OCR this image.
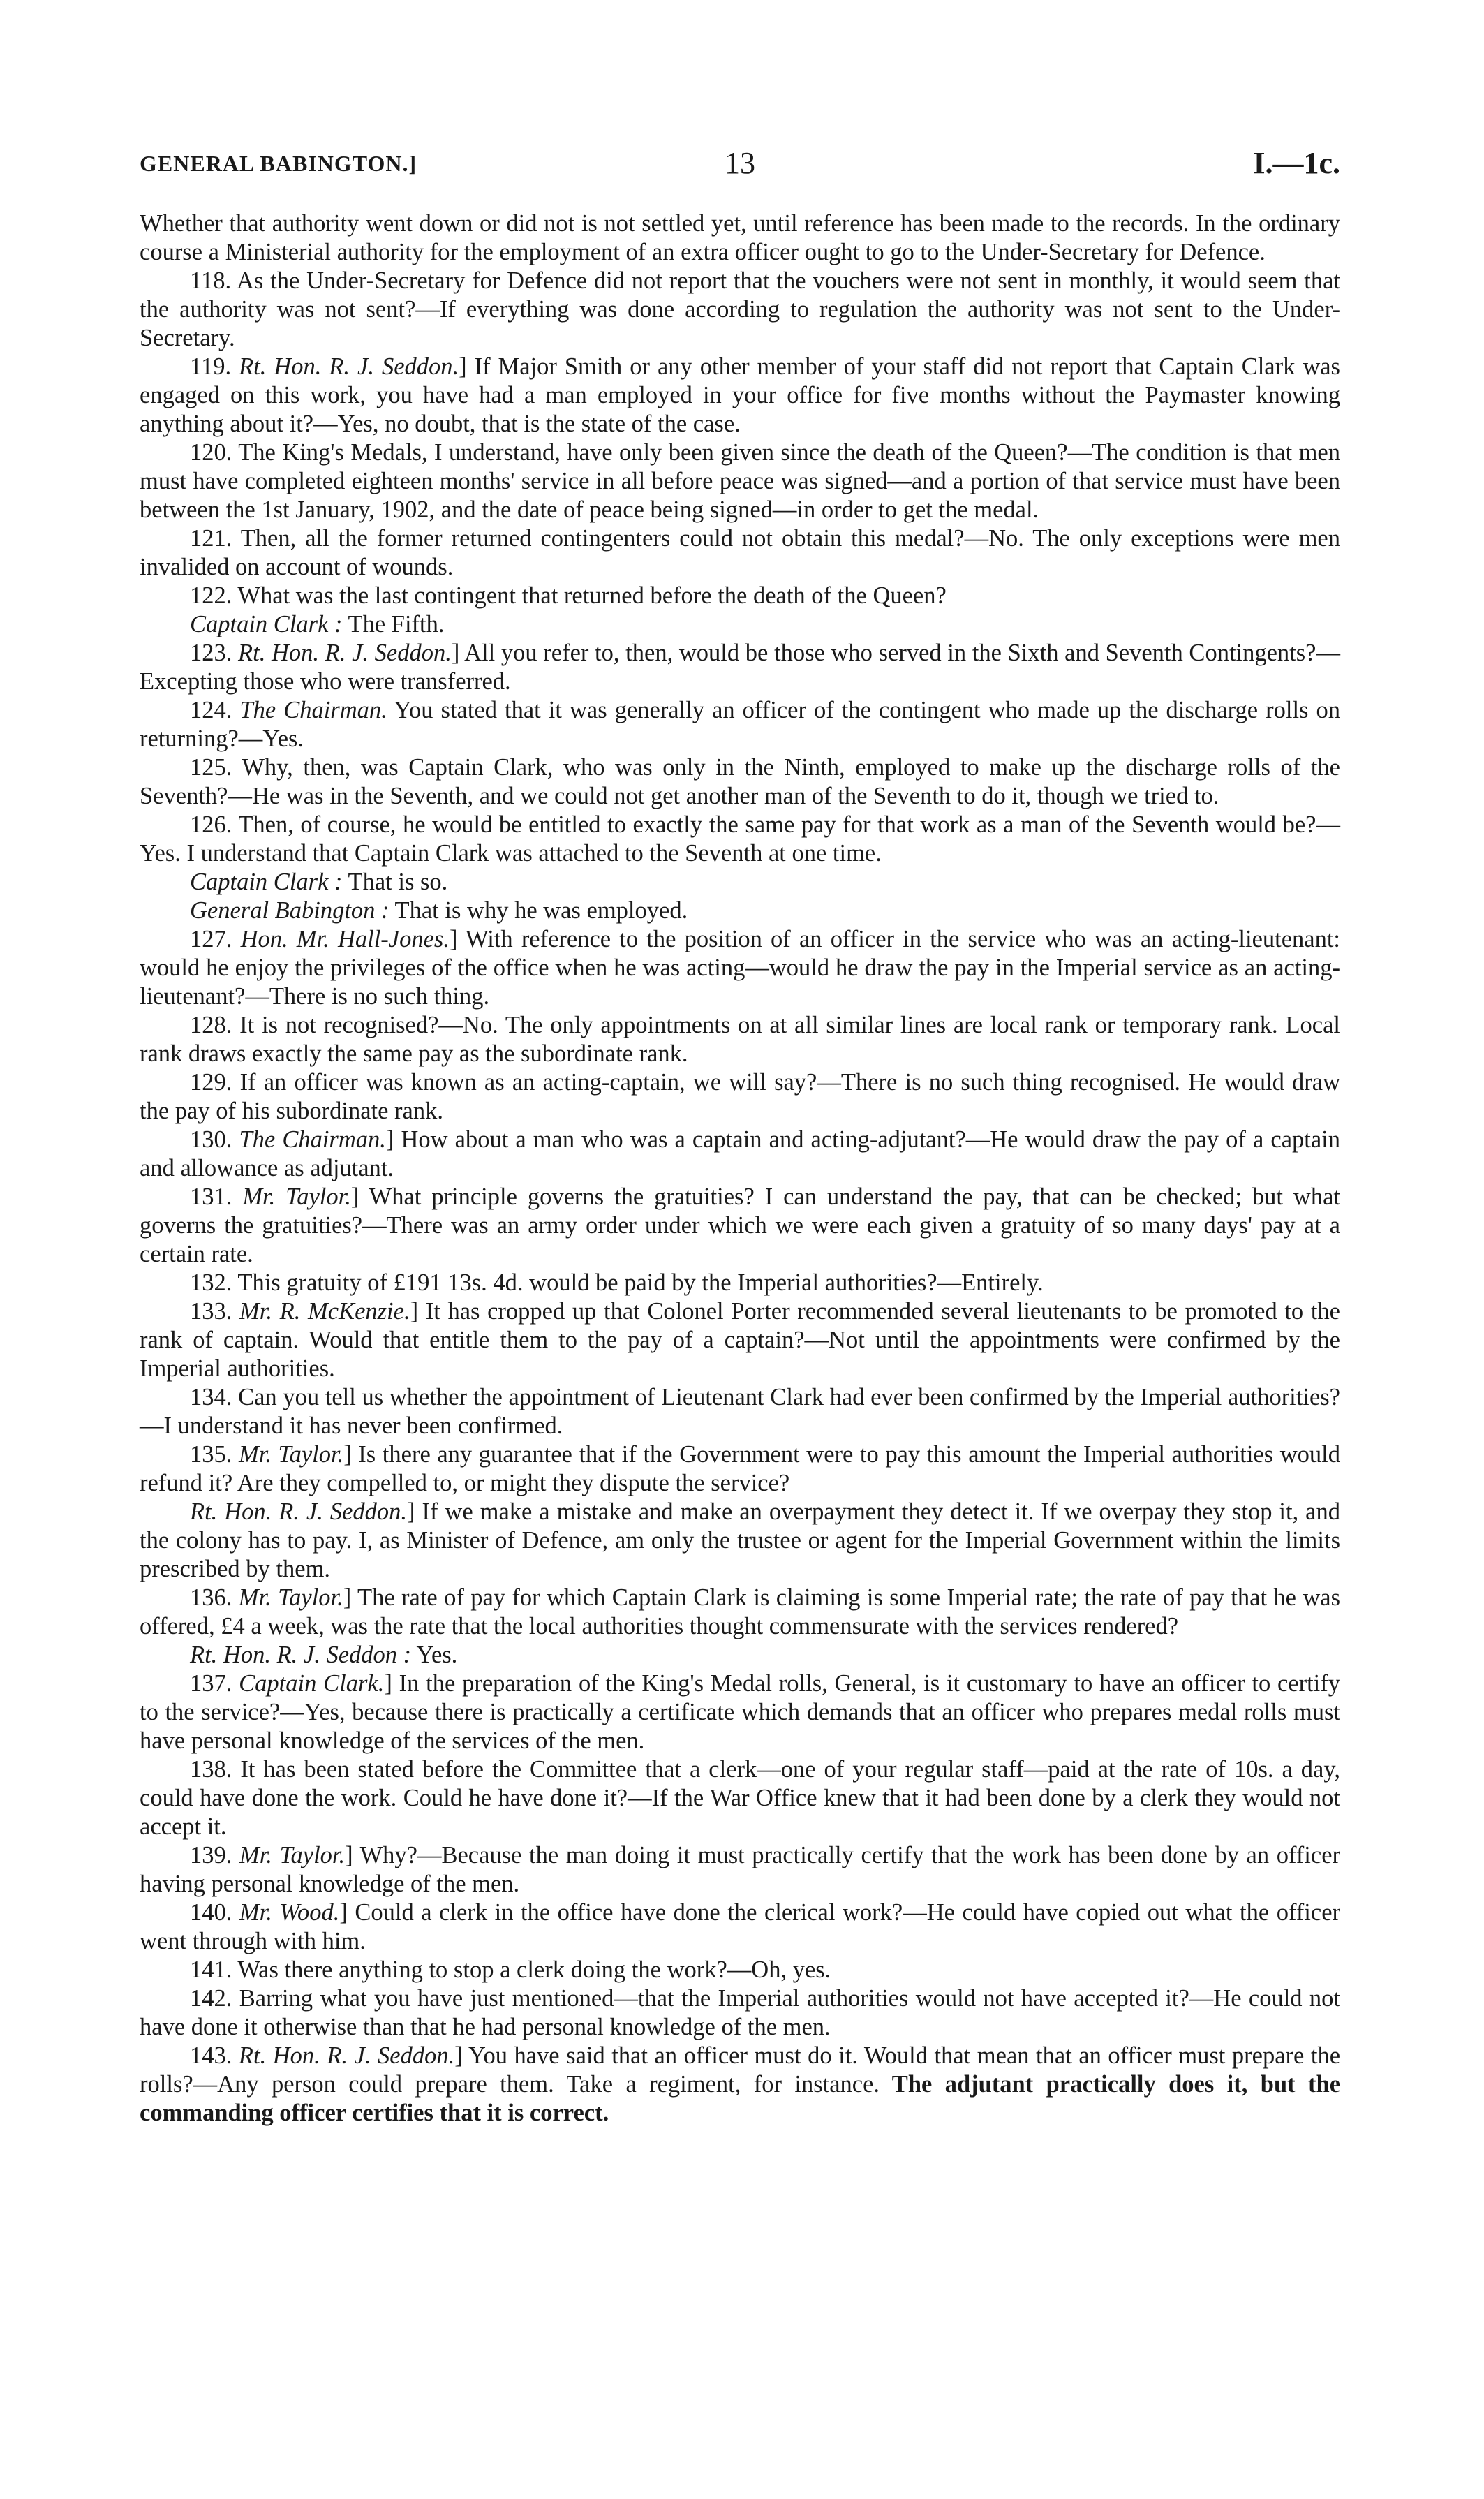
GENERAL BABINGTON.]	13	I.—1c.

Whether that authority went down or did not is not settled yet, until reference has been made to the records. In the ordinary course a Ministerial authority for the employment of an extra officer ought to go to the Under-Secretary for Defence.

118. As the Under-Secretary for Defence did not report that the vouchers were not sent in monthly, it would seem that the authority was not sent?—If everything was done according to regulation the authority was not sent to the Under-Secretary.

119. Rt. Hon. R. J. Seddon.] If Major Smith or any other member of your staff did not report that Captain Clark was engaged on this work, you have had a man employed in your office for five months without the Paymaster knowing anything about it?—Yes, no doubt, that is the state of the case.

120. The King's Medals, I understand, have only been given since the death of the Queen?—The condition is that men must have completed eighteen months' service in all before peace was signed—and a portion of that service must have been between the 1st January, 1902, and the date of peace being signed—in order to get the medal.

121. Then, all the former returned contingenters could not obtain this medal?—No. The only exceptions were men invalided on account of wounds.

122. What was the last contingent that returned before the death of the Queen?

Captain Clark : The Fifth.

123. Rt. Hon. R. J. Seddon.] All you refer to, then, would be those who served in the Sixth and Seventh Contingents?—Excepting those who were transferred.

124. The Chairman. You stated that it was generally an officer of the contingent who made up the discharge rolls on returning?—Yes.

125. Why, then, was Captain Clark, who was only in the Ninth, employed to make up the discharge rolls of the Seventh?—He was in the Seventh, and we could not get another man of the Seventh to do it, though we tried to.

126. Then, of course, he would be entitled to exactly the same pay for that work as a man of the Seventh would be?—Yes. I understand that Captain Clark was attached to the Seventh at one time.

Captain Clark : That is so.

General Babington : That is why he was employed.

127. Hon. Mr. Hall-Jones.] With reference to the position of an officer in the service who was an acting-lieutenant: would he enjoy the privileges of the office when he was acting—would he draw the pay in the Imperial service as an acting-lieutenant?—There is no such thing.

128. It is not recognised?—No. The only appointments on at all similar lines are local rank or temporary rank. Local rank draws exactly the same pay as the subordinate rank.

129. If an officer was known as an acting-captain, we will say?—There is no such thing recognised. He would draw the pay of his subordinate rank.

130. The Chairman.] How about a man who was a captain and acting-adjutant?—He would draw the pay of a captain and allowance as adjutant.

131. Mr. Taylor.] What principle governs the gratuities? I can understand the pay, that can be checked; but what governs the gratuities?—There was an army order under which we were each given a gratuity of so many days' pay at a certain rate.

132. This gratuity of £191 13s. 4d. would be paid by the Imperial authorities?—Entirely.

133. Mr. R. McKenzie.] It has cropped up that Colonel Porter recommended several lieutenants to be promoted to the rank of captain. Would that entitle them to the pay of a captain?—Not until the appointments were confirmed by the Imperial authorities.

134. Can you tell us whether the appointment of Lieutenant Clark had ever been confirmed by the Imperial authorities?—I understand it has never been confirmed.

135. Mr. Taylor.] Is there any guarantee that if the Government were to pay this amount the Imperial authorities would refund it? Are they compelled to, or might they dispute the service?

Rt. Hon. R. J. Seddon.] If we make a mistake and make an overpayment they detect it. If we overpay they stop it, and the colony has to pay. I, as Minister of Defence, am only the trustee or agent for the Imperial Government within the limits prescribed by them.

136. Mr. Taylor.] The rate of pay for which Captain Clark is claiming is some Imperial rate; the rate of pay that he was offered, £4 a week, was the rate that the local authorities thought commensurate with the services rendered?

Rt. Hon. R. J. Seddon : Yes.

137. Captain Clark.] In the preparation of the King's Medal rolls, General, is it customary to have an officer to certify to the service?—Yes, because there is practically a certificate which demands that an officer who prepares medal rolls must have personal knowledge of the services of the men.

138. It has been stated before the Committee that a clerk—one of your regular staff—paid at the rate of 10s. a day, could have done the work. Could he have done it?—If the War Office knew that it had been done by a clerk they would not accept it.

139. Mr. Taylor.] Why?—Because the man doing it must practically certify that the work has been done by an officer having personal knowledge of the men.

140. Mr. Wood.] Could a clerk in the office have done the clerical work?—He could have copied out what the officer went through with him.

141. Was there anything to stop a clerk doing the work?—Oh, yes.

142. Barring what you have just mentioned—that the Imperial authorities would not have accepted it?—He could not have done it otherwise than that he had personal knowledge of the men.

143. Rt. Hon. R. J. Seddon.] You have said that an officer must do it. Would that mean that an officer must prepare the rolls?—Any person could prepare them. Take a regiment, for instance. The adjutant practically does it, but the commanding officer certifies that it is correct.
